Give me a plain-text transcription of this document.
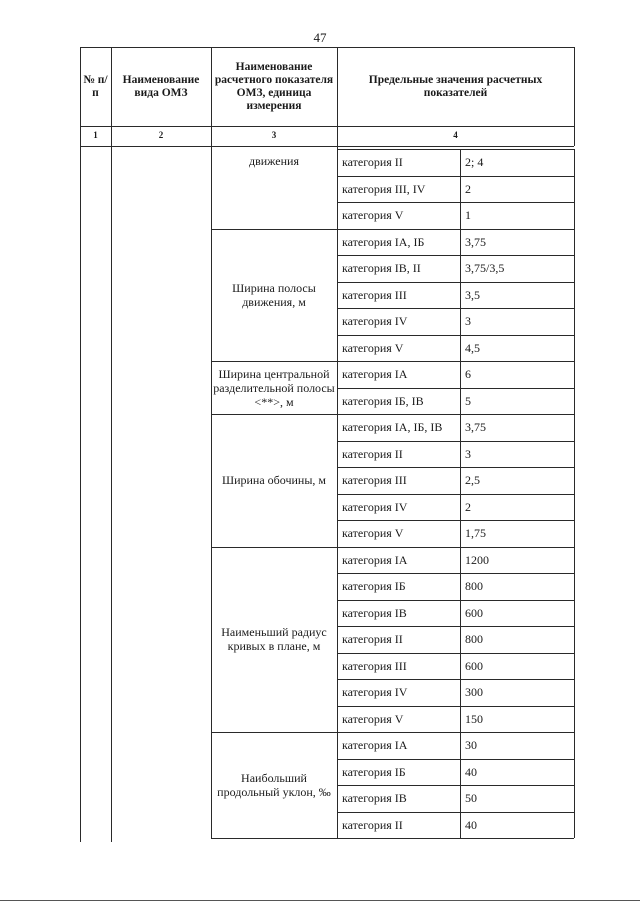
47
№ п/п
Наименование вида ОМЗ
Наименование расчетного показателя ОМЗ, единица измерения
Предельные значения расчетных показателей
1	2	3	4
движения	категория II	2; 4
категория III, IV	2
категория V	1
Ширина полосы движения, м
категория IА, IБ	3,75
категория IВ, II	3,75/3,5
категория III	3,5
категория IV	3
категория V	4,5
Ширина центральной разделительной полосы <**>, м
категория IА	6
категория IБ, IВ	5
Ширина обочины, м
категория IА, IБ, IВ 3,75
категория II	3
категория III	2,5
категория IV	2
категория V	1,75
Наименьший радиус кривых в плане, м
категория IА	1200
категория IБ	800
категория IВ	600
категория II	800
категория III	600
категория IV	300
категория V	150
Наибольший продольный уклон, ‰
категория IА	30
категория IБ	40
категория IВ	50
категория II	40
